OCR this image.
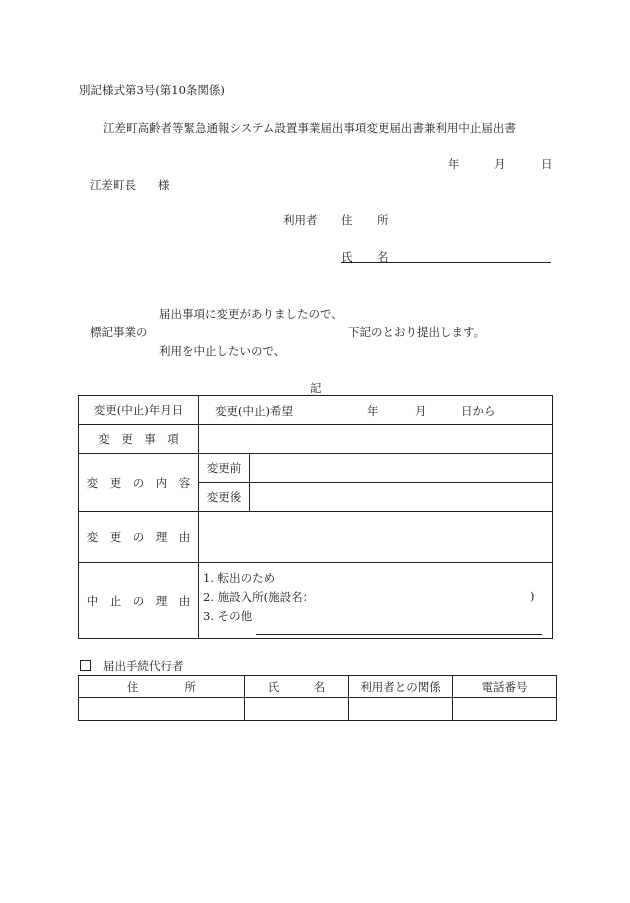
別記様式第3号(第10条関係)
江差町高齢者等緊急通報システム設置事業届出事項変更届出書兼利用中止届出書
年	月	日
江差町長 様
利用者 住 所
氏 名
届出事項に変更がありましたので、
標記事業の	下記のとおり提出します。
利用を中止したいので、
記
変更(中止)年月日	変更(中止)希望 年 月 日から	

変　更　事　項		
変　更　の　内　容	変更前	
	変更後	
変　更　の　理　由		
中　止　の　理　由	1. 転出のため
2. 施設入所(施設名： )
3. その他	
届出手続代行者
住　　　　所	氏　　　名	利用者との関係	電話番号
